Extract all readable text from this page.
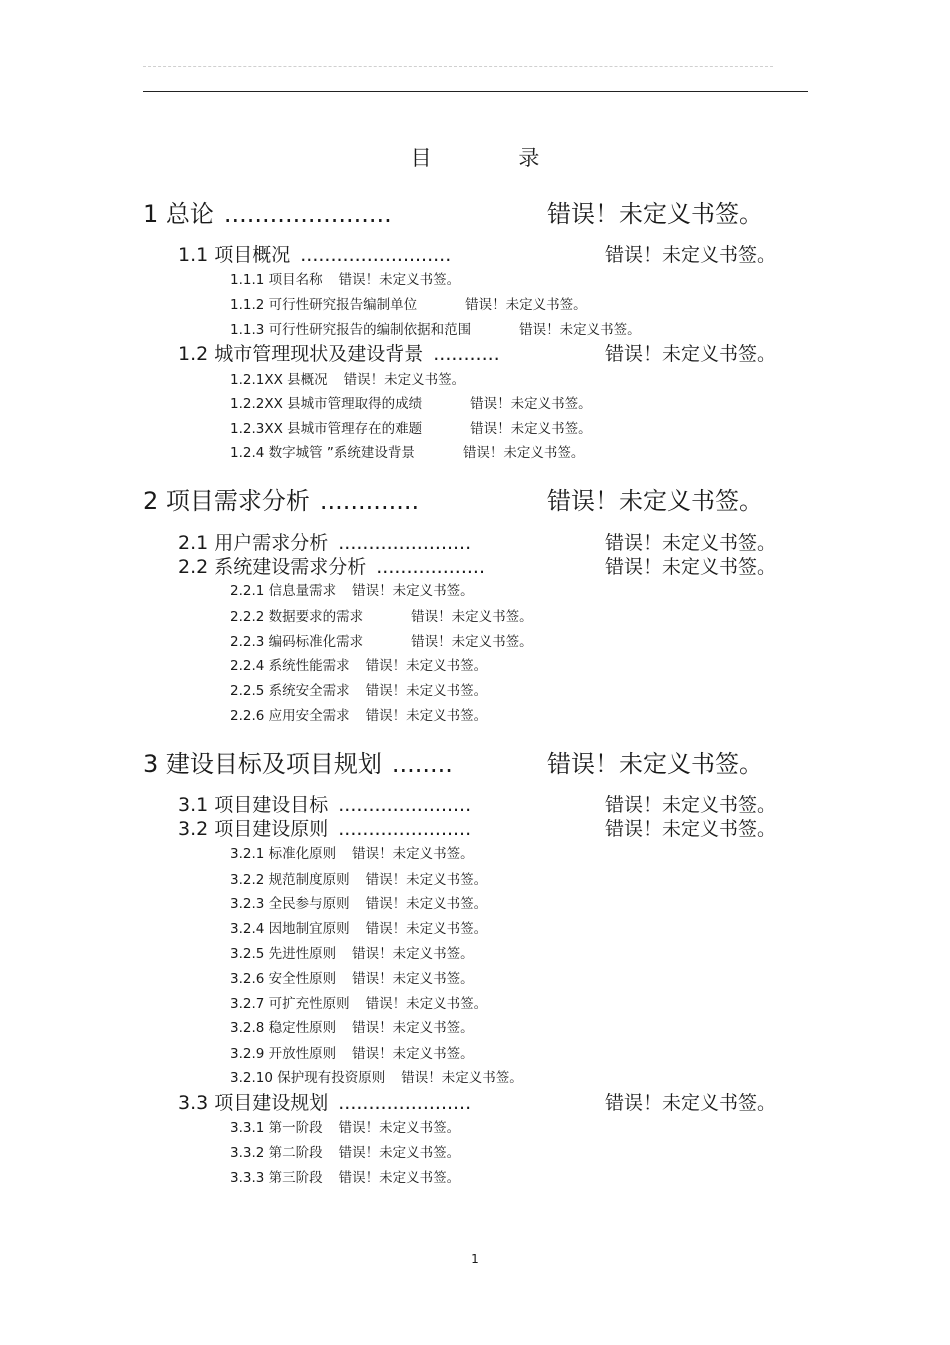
目 录
1 总论 ......................	错误！未定义书签。
1.1 项目概况 .........................	错误！未定义书签。
1.1.1 项目名称 错误！未定义书签。
1.1.2 可行性研究报告编制单位	错误！未定义书签。
1.1.3 可行性研究报告的编制依据和范围	错误！未定义书签。
1.2 城市管理现状及建设背景 ...........	错误！未定义书签。
1.2.1XX 县概况 错误！未定义书签。
1.2.2XX 县城市管理取得的成绩	错误！未定义书签。
1.2.3XX 县城市管理存在的难题	错误！未定义书签。
1.2.4 数字城管 ”系统建设背景	错误！未定义书签。
2 项目需求分析 .............	错误！未定义书签。
2.1 用户需求分析 ......................	错误！未定义书签。
2.2 系统建设需求分析 ..................	错误！未定义书签。
2.2.1 信息量需求 错误！未定义书签。
2.2.2 数据要求的需求	错误！未定义书签。
2.2.3 编码标准化需求	错误！未定义书签。
2.2.4 系统性能需求 错误！未定义书签。
2.2.5 系统安全需求 错误！未定义书签。
2.2.6 应用安全需求 错误！未定义书签。
3 建设目标及项目规划 ........	错误！未定义书签。
3.1 项目建设目标 ......................	错误！未定义书签。
3.2 项目建设原则 ......................	错误！未定义书签。
3.2.1 标准化原则 错误！未定义书签。
3.2.2 规范制度原则 错误！未定义书签。
3.2.3 全民参与原则 错误！未定义书签。
3.2.4 因地制宜原则 错误！未定义书签。
3.2.5 先进性原则 错误！未定义书签。
3.2.6 安全性原则 错误！未定义书签。
3.2.7 可扩充性原则 错误！未定义书签。
3.2.8 稳定性原则 错误！未定义书签。
3.2.9 开放性原则 错误！未定义书签。
3.2.10 保护现有投资原则 错误！未定义书签。
3.3 项目建设规划 ......................	错误！未定义书签。
3.3.1 第一阶段 错误！未定义书签。
3.3.2 第二阶段 错误！未定义书签。
3.3.3 第三阶段 错误！未定义书签。
1
